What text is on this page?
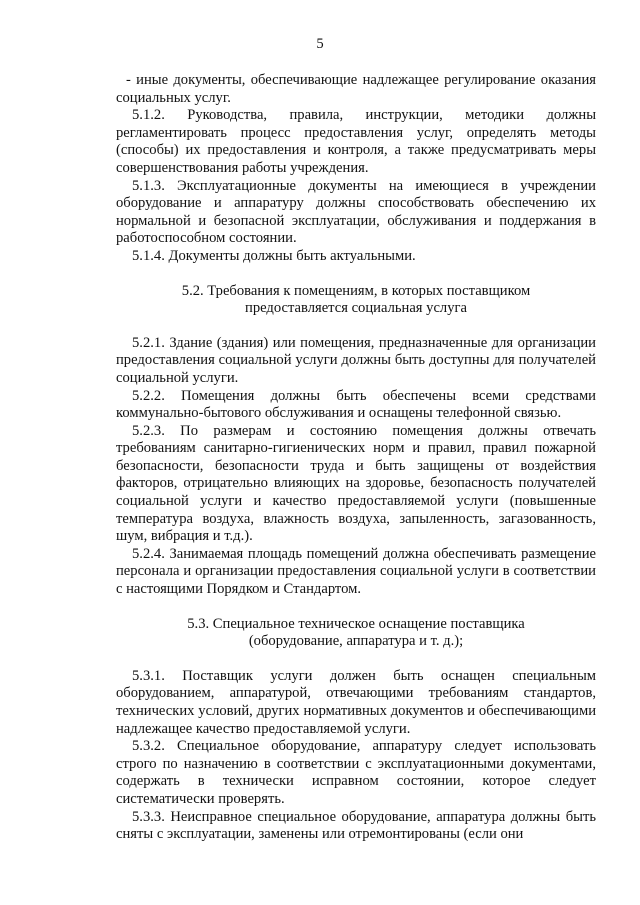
5

- иные документы, обеспечивающие надлежащее регулирование оказания социальных услуг.

5.1.2. Руководства, правила, инструкции, методики должны регламентировать процесс предоставления услуг, определять методы (способы) их предоставления и контроля, а также предусматривать меры совершенствования работы учреждения.

5.1.3. Эксплуатационные документы на имеющиеся в учреждении оборудование и аппаратуру должны способствовать обеспечению их нормальной и безопасной эксплуатации, обслуживания и поддержания в работоспособном состоянии.

5.1.4. Документы должны быть актуальными.

5.2. Требования к помещениям, в которых поставщиком предоставляется социальная услуга

5.2.1. Здание (здания) или помещения, предназначенные для организации предоставления социальной услуги должны быть доступны для получателей социальной услуги.

5.2.2. Помещения должны быть обеспечены всеми средствами коммунально-бытового обслуживания и оснащены телефонной связью.

5.2.3. По размерам и состоянию помещения должны отвечать требованиям санитарно-гигиенических норм и правил, правил пожарной безопасности, безопасности труда и быть защищены от воздействия факторов, отрицательно влияющих на здоровье, безопасность получателей социальной услуги и качество предоставляемой услуги (повышенные температура воздуха, влажность воздуха, запыленность, загазованность, шум, вибрация и т.д.).

5.2.4. Занимаемая площадь помещений должна обеспечивать размещение персонала и организации предоставления социальной услуги в соответствии с настоящими Порядком и Стандартом.

5.3. Специальное техническое оснащение поставщика (оборудование, аппаратура и т. д.);

5.3.1. Поставщик услуги должен быть оснащен специальным оборудованием, аппаратурой, отвечающими требованиям стандартов, технических условий, других нормативных документов и обеспечивающими надлежащее качество предоставляемой услуги.

5.3.2. Специальное оборудование, аппаратуру следует использовать строго по назначению в соответствии с эксплуатационными документами, содержать в технически исправном состоянии, которое следует систематически проверять.

5.3.3. Неисправное специальное оборудование, аппаратура должны быть сняты с эксплуатации, заменены или отремонтированы (если они
